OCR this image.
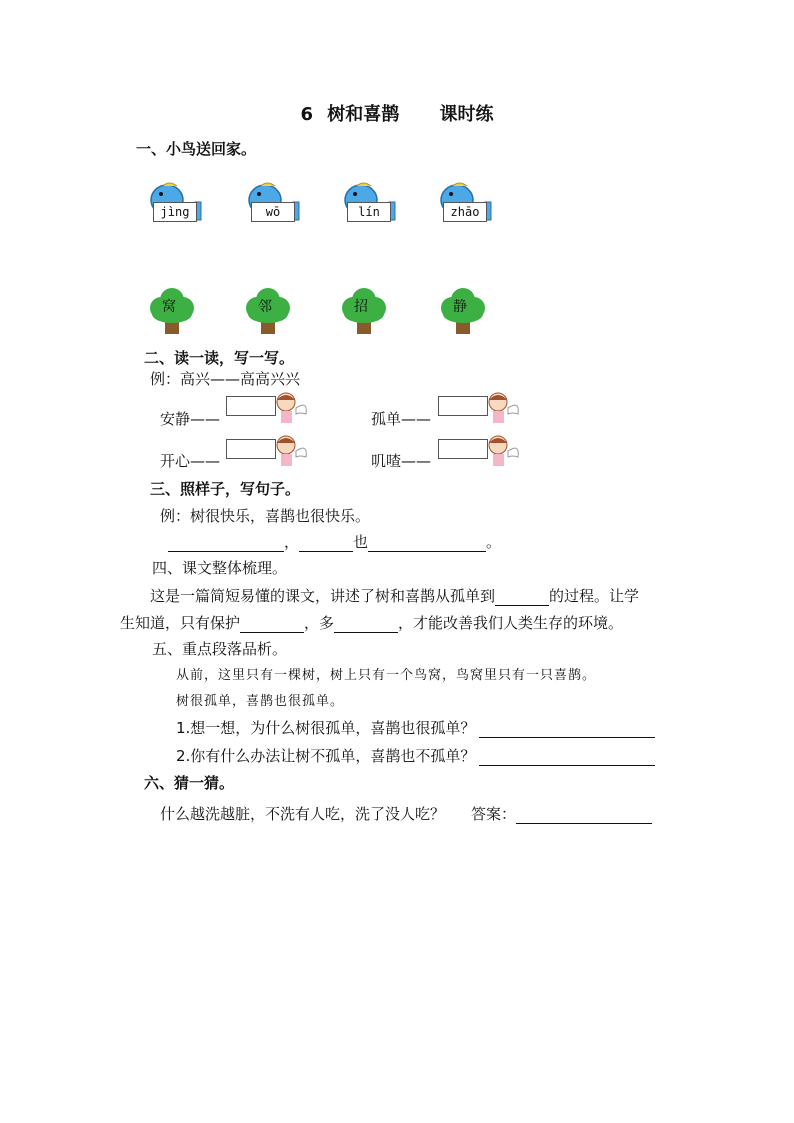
6 树和喜鹊 课时练
一、小鸟送回家。
jìng	wō	lín	zhāo
窝	邻	招	静
二、读一读，写一写。
例：高兴——高高兴兴
安静——	孤单——
开心——	叽喳——
三、照样子，写句子。
例：树很快乐，喜鹊也很快乐。
，	也	。
四、课文整体梳理。
这是一篇简短易懂的课文，讲述了树和喜鹊从孤单到	的过程。让学
生知道，只有保护	，多	，才能改善我们人类生存的环境。
五、重点段落品析。
从前，这里只有一棵树，树上只有一个鸟窝，鸟窝里只有一只喜鹊。
树很孤单，喜鹊也很孤单。
1.想一想，为什么树很孤单，喜鹊也很孤单？
2.你有什么办法让树不孤单，喜鹊也不孤单？
六、猜一猜。
什么越洗越脏，不洗有人吃，洗了没人吃？ 答案：
